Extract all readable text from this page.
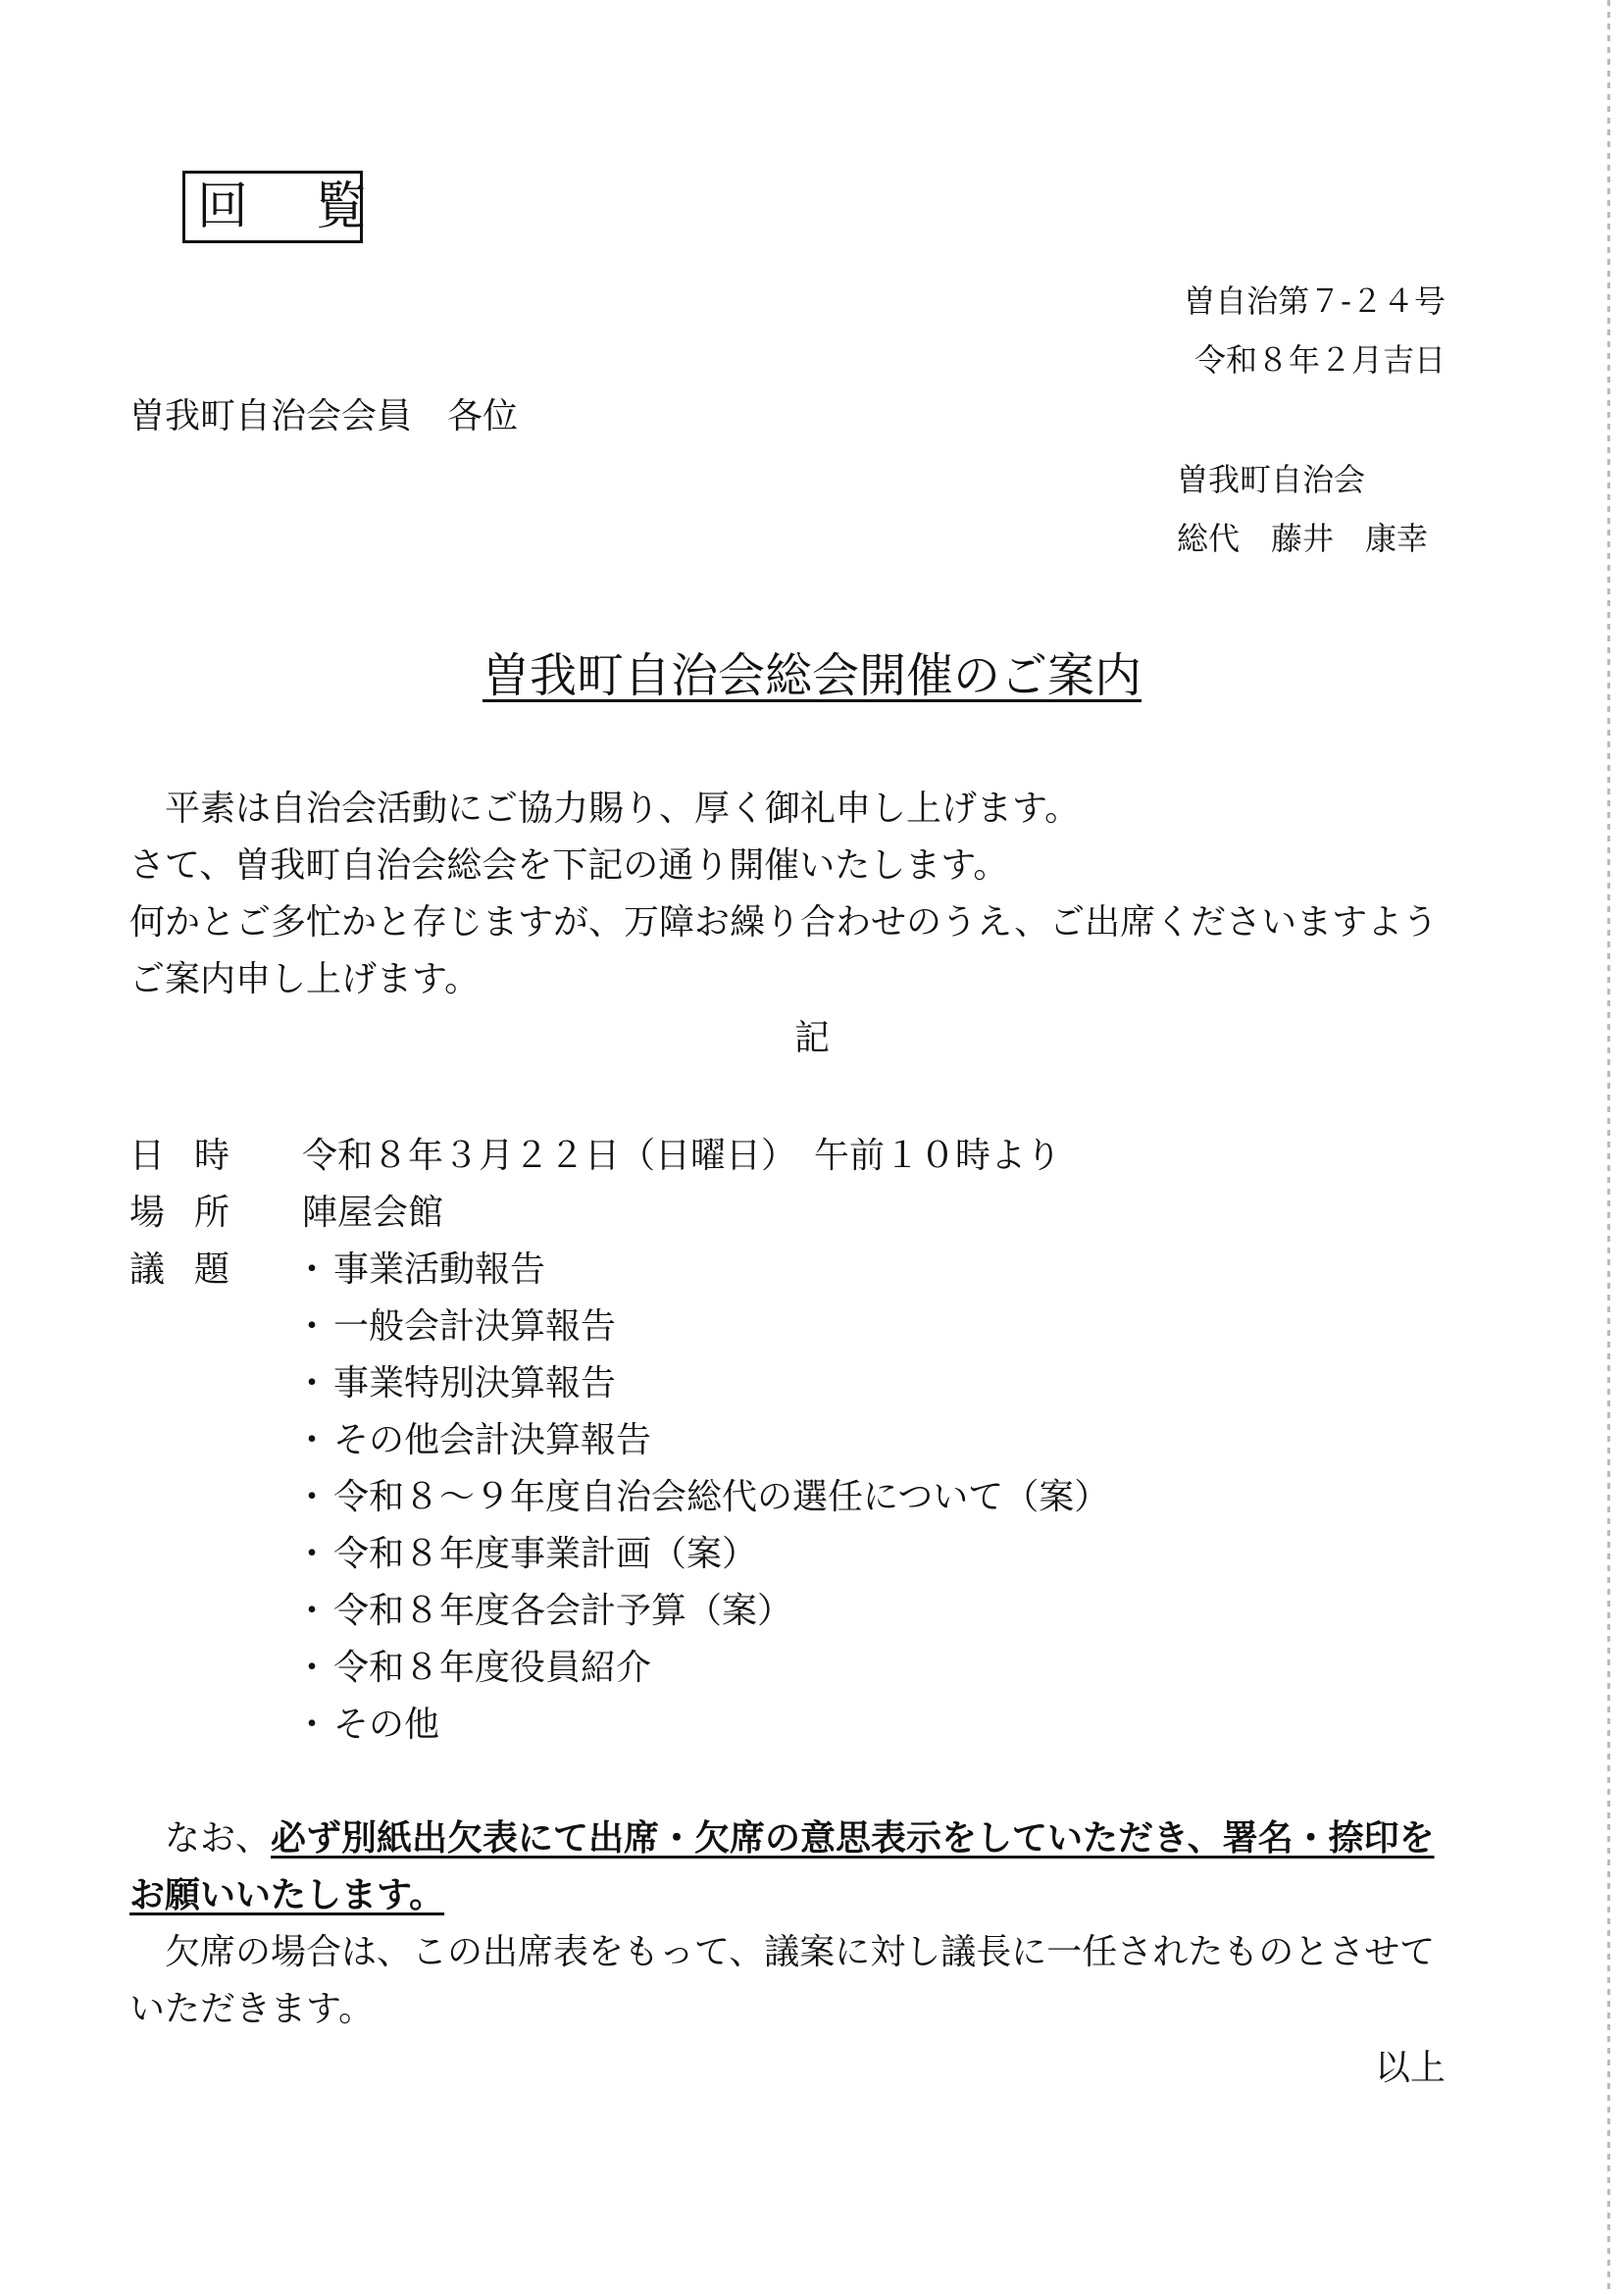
回 覧
曽自治第７-２４号
令和８年２月吉日
曽我町自治会会員　各位
曽我町自治会
総代　藤井　康幸
曽我町自治会総会開催のご案内
　平素は自治会活動にご協力賜り、厚く御礼申し上げます。
さて、曽我町自治会総会を下記の通り開催いたします。
何かとご多忙かと存じますが、万障お繰り合わせのうえ、ご出席くださいますよう
ご案内申し上げます。
記
日時 令和８年３月２２日（日曜日）　午前１０時より
場所 陣屋会館
議題 ・ 事業活動報告
・ 一般会計決算報告
・ 事業特別決算報告
・ その他会計決算報告
・ 令和８～９年度自治会総代の選任について（案）
・ 令和８年度事業計画（案）
・ 令和８年度各会計予算（案）
・ 令和８年度役員紹介
・ その他
　なお、必ず別紙出欠表にて出席・欠席の意思表示をしていただき、署名・捺印を
お願いいたします。
　欠席の場合は、この出席表をもって、議案に対し議長に一任されたものとさせて
いただきます。
以上
